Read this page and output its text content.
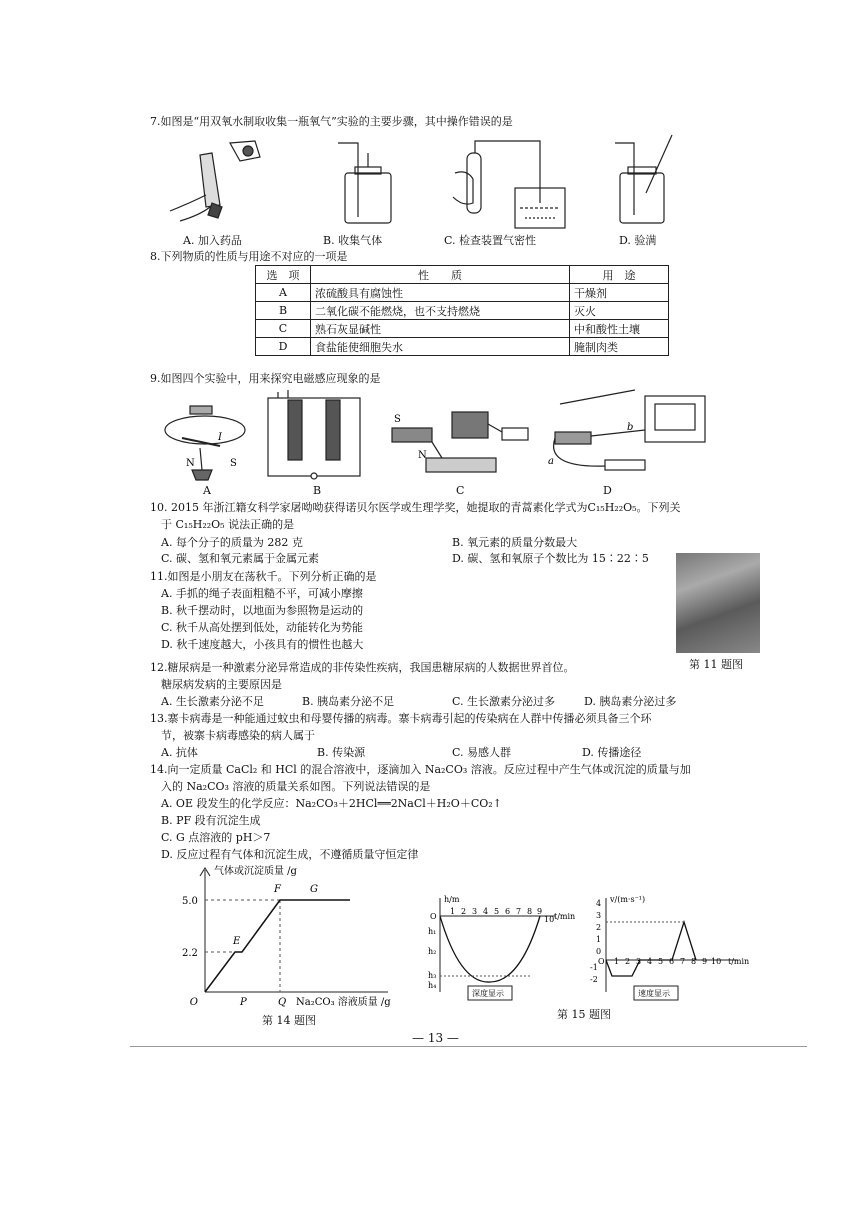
7.如图是“用双氧水制取收集一瓶氧气”实验的主要步骤，其中操作错误的是
A. 加入药品	B. 收集气体	C. 检查装置气密性	D. 验满
8.下列物质的性质与用途不对应的一项是
选　项	性　　质	用　途
A	浓硫酸具有腐蚀性	干燥剂
B	二氧化碳不能燃烧，也不支持燃烧	灭火
C	熟石灰显碱性	中和酸性土壤
D	食盐能使细胞失水	腌制肉类
9.如图四个实验中，用来探究电磁感应现象的是
N	S
I
S
N
b
a
A	B	C	D
10. 2015 年浙江籍女科学家屠呦呦获得诺贝尔医学或生理学奖，她提取的青蒿素化学式为C₁₅H₂₂O₅。下列关
于 C₁₅H₂₂O₅ 说法正确的是
A. 每个分子的质量为 282 克	B. 氧元素的质量分数最大
C. 碳、氢和氧元素属于金属元素	D. 碳、氢和氧原子个数比为 15∶22∶5
11.如图是小朋友在荡秋千。下列分析正确的是
A. 手抓的绳子表面粗糙不平，可减小摩擦
B. 秋千摆动时，以地面为参照物是运动的
C. 秋千从高处摆到低处，动能转化为势能
D. 秋千速度越大，小孩具有的惯性也越大
第 11 题图
12.糖尿病是一种激素分泌异常造成的非传染性疾病，我国患糖尿病的人数据世界首位。
糖尿病发病的主要原因是
A. 生长激素分泌不足	B. 胰岛素分泌不足	C. 生长激素分泌过多	D. 胰岛素分泌过多
13.寨卡病毒是一种能通过蚊虫和母婴传播的病毒。寨卡病毒引起的传染病在人群中传播必须具备三个环
节，被寨卡病毒感染的病人属于
A. 抗体	B. 传染源	C. 易感人群	D. 传播途径
14.向一定质量 CaCl₂ 和 HCl 的混合溶液中，逐滴加入 Na₂CO₃ 溶液。反应过程中产生气体或沉淀的质量与加
入的 Na₂CO₃ 溶液的质量关系如图。下列说法错误的是
A. OE 段发生的化学反应：Na₂CO₃＋2HCl══2NaCl＋H₂O＋CO₂↑
B. PF 段有沉淀生成
C. G 点溶液的 pH＞7
D. 反应过程有气体和沉淀生成，不遵循质量守恒定律
气体或沉淀质量 /g
O	P	Q Na₂CO₃ 溶液质量 /g
5.0
2.2
E
F	G
第 14 题图
h/m
O
1 2 3 4 5 6 7 8 9
10 t/min
h₁
h₂
h₃
h₄
深度显示
v/(m·s⁻¹)
4
3
2
1
0
-1
-2
O 1 2 3 4 5 6 7 8 9 10 t/min
速度显示
第 15 题图
— 13 —
